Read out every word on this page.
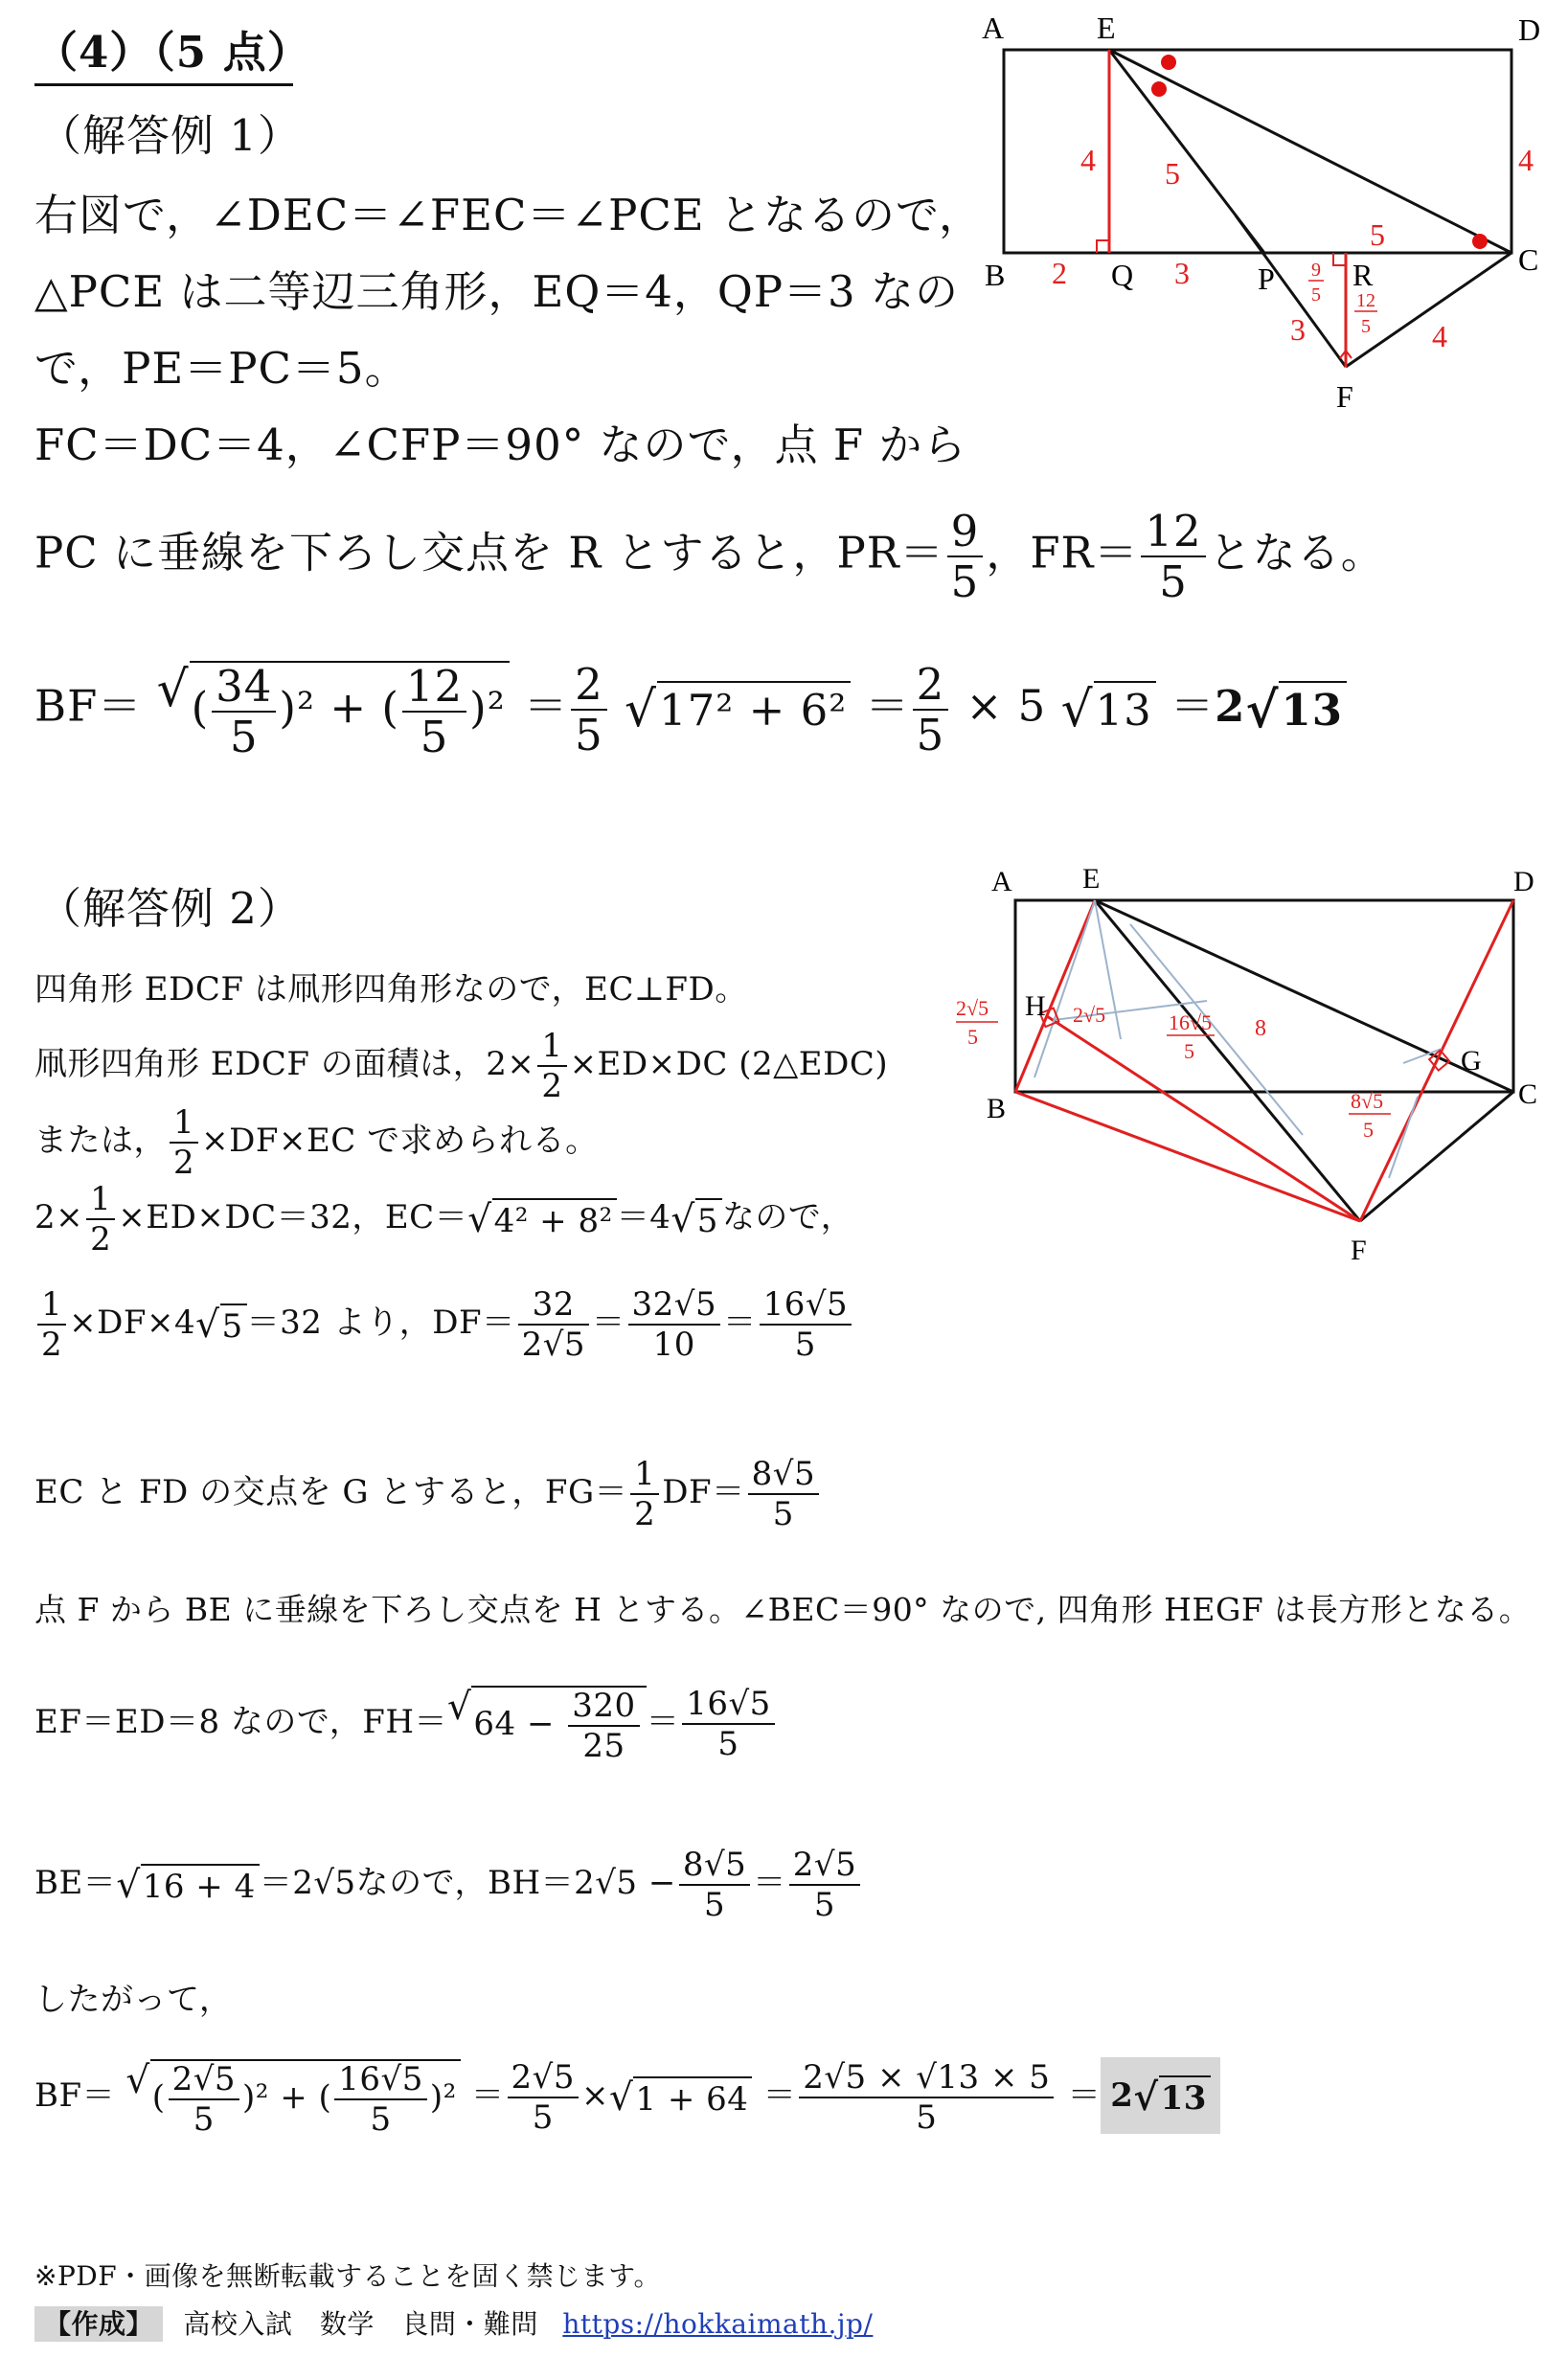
（4）（5 点）
（解答例 1）
右図で，∠DEC＝∠FEC＝∠PCE となるので，
△PCE は二等辺三角形，EQ＝4，QP＝3 なの
で，PE＝PC＝5。
FC＝DC＝4，∠CFP＝90° なので，点 F から
PC に垂線を下ろし交点を R とすると，$PR= \frac{9}{5}$ ，$FR= \frac{12}{5}$ となる。
BF＝ √( $\frac{34}{5} )^2$ + ( $\frac{12}{5} )^2 = \frac{2}{5} √17^2 + 6^2 = \frac{2}{5} \times 5$ √13 ＝2√13
A	E	D
B	Q	P	R	C
F
4 5	4
5
2	3
3	4
9
5 12
5
（解答例 2）
四角形 EDCF は凧形四角形なので，EC⊥FD。
凧形四角形 EDCF の面積は，$2\times \frac{1}{2} \times ED\times DC$ (2△EDC)
または， $\frac{1}{2} \times DF\times EC$ で求められる。
$2\times \frac{1}{2} \times ED\times DC=32$，EC＝√4² + 8² ＝4√5 なので，
$\frac{1}{2} \times DF\times 4√5 =32$ より，$DF= \frac{32}{2√5} = \frac{32√5}{10} = \frac{16√5}{5}$
EC と FD の交点を G とすると，$FG= \frac{1}{2} DF= \frac{8√5}{5}$
点 F から BE に垂線を下ろし交点を H とする。∠BEC＝90° なので, 四角形 HEGF は長方形となる。
EF＝ED＝8 なので，$FH=√64 - \frac{320}{25} = \frac{16√5}{5}$
BE＝√16 + 4 ＝2√5なので，$BH=2√5 - \frac{8√5}{5} = \frac{2√5}{5}$
したがって，
BF＝ √( $\frac{2√5}{5} )^2$ + ( $\frac{16√5}{5} )^2 = \frac{2√5}{5} \times√1 + 64 = \frac{2√5 \times √13 \times 5}{5} = 2√13$
A E	D
H
G
B	C
F
2√5
5
2√5	16√5
5
8
8√5
5
※PDF・画像を無断転載することを固く禁じます。
【作成】 高校入試　数学　良問・難問 https://hokkaimath.jp/
